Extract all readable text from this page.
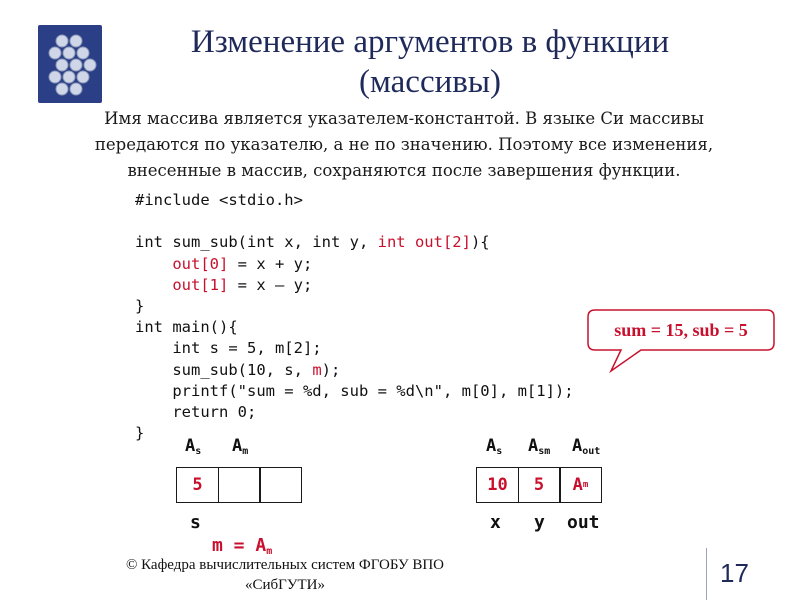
Изменение аргументов в функции
(массивы)
Имя массива является указателем-константой. В языке Си массивы передаются по указателю, а не по значению. Поэтому все изменения, внесенные в массив, сохраняются после завершения функции.
#include <stdio.h>
int sum_sub(int x, int y, int out[2]){
out[0] = x + y;
out[1] = x – y;
}
int main(){
int s = 5, m[2];
sum_sub(10, s, m);
printf("sum = %d, sub = %d\n", m[0], m[1]);
return 0;
}
sum = 15, sub = 5
$A_s$ $A_m$
5
s
$m = A_m$
$A_s$ $A_{sm}$ $A_{out}$
10	5	A m
x y out
© Кафедра вычислительных систем ФГОБУ ВПО
«СибГУТИ»	17
